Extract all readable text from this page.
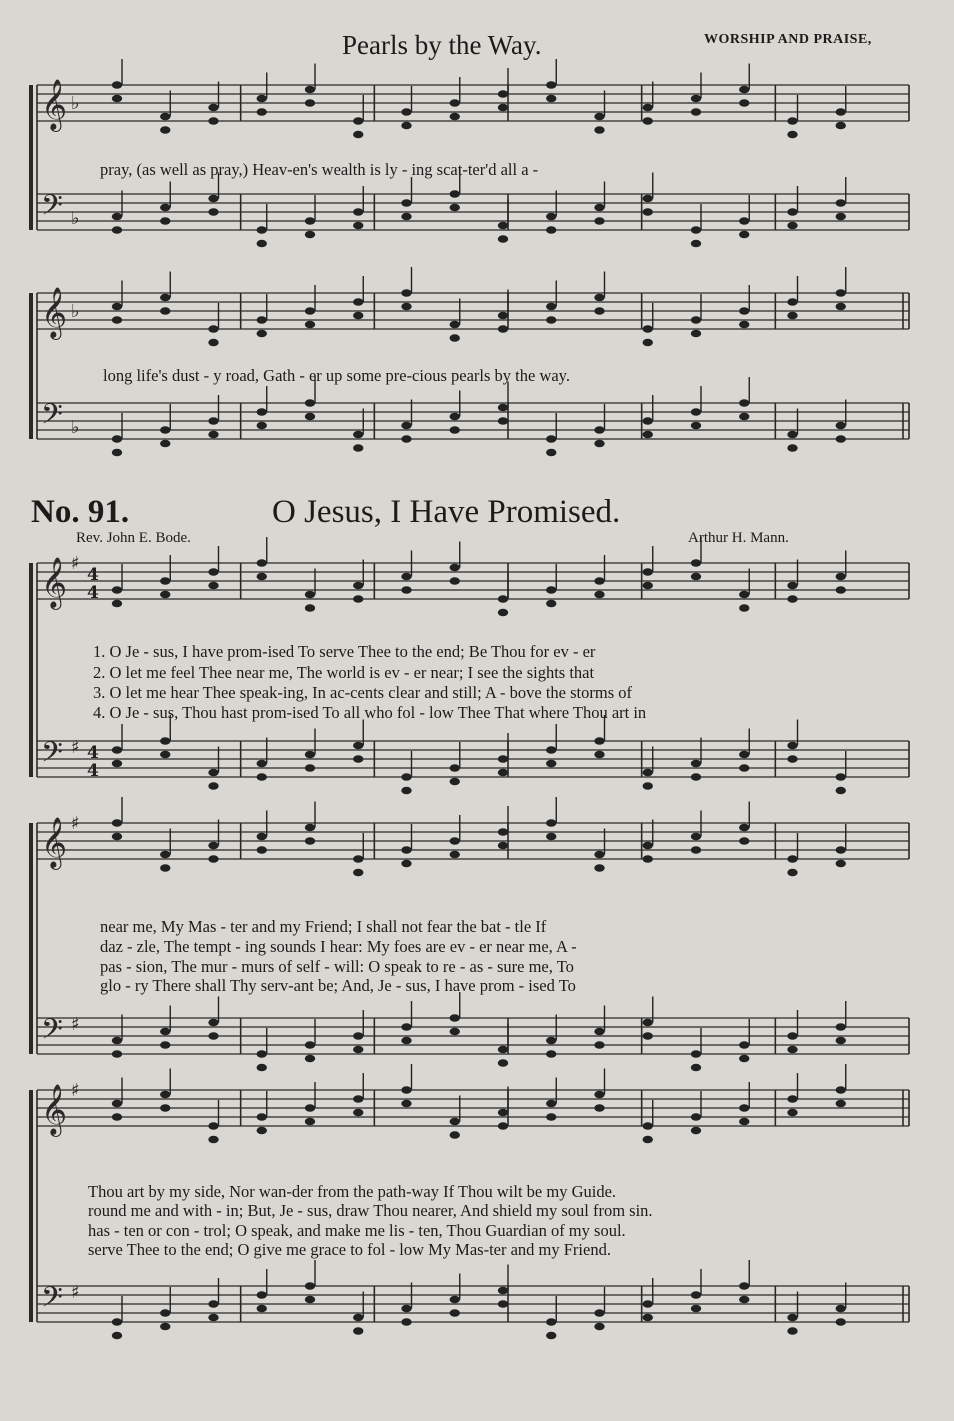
Pearls by the Way.	WORSHIP AND PRAISE,
𝄞 ♭
𝄢 ♭
𝄞 ♭
𝄢 ♭
𝄞 ♯
4
4
𝄢 ♯ 4
4
𝄞 ♯
𝄢 ♯
𝄞 ♯
𝄢 ♯
pray, (as well as pray,) Heav-en's wealth is ly - ing scat-ter'd all a -
long life's dust - y road, Gath - er up some pre-cious pearls by the way.
No. 91.	O Jesus, I Have Promised.
Rev. John E. Bode.	Arthur H. Mann.
1. O Je - sus, I have prom-ised To serve Thee to the end; Be Thou for ev - er
2. O let me feel Thee near me, The world is ev - er near; I see the sights that
3. O let me hear Thee speak-ing, In ac-cents clear and still; A - bove the storms of
4. O Je - sus, Thou hast prom-ised To all who fol - low Thee That where Thou art in
near me, My Mas - ter and my Friend; I shall not fear the bat - tle If
daz - zle, The tempt - ing sounds I hear: My foes are ev - er near me, A -
pas - sion, The mur - murs of self - will: O speak to re - as - sure me, To
glo - ry There shall Thy serv-ant be; And, Je - sus, I have prom - ised To
Thou art by my side, Nor wan-der from the path-way If Thou wilt be my Guide.
round me and with - in; But, Je - sus, draw Thou nearer, And shield my soul from sin.
has - ten or con - trol; O speak, and make me lis - ten, Thou Guardian of my soul.
serve Thee to the end; O give me grace to fol - low My Mas-ter and my Friend.
